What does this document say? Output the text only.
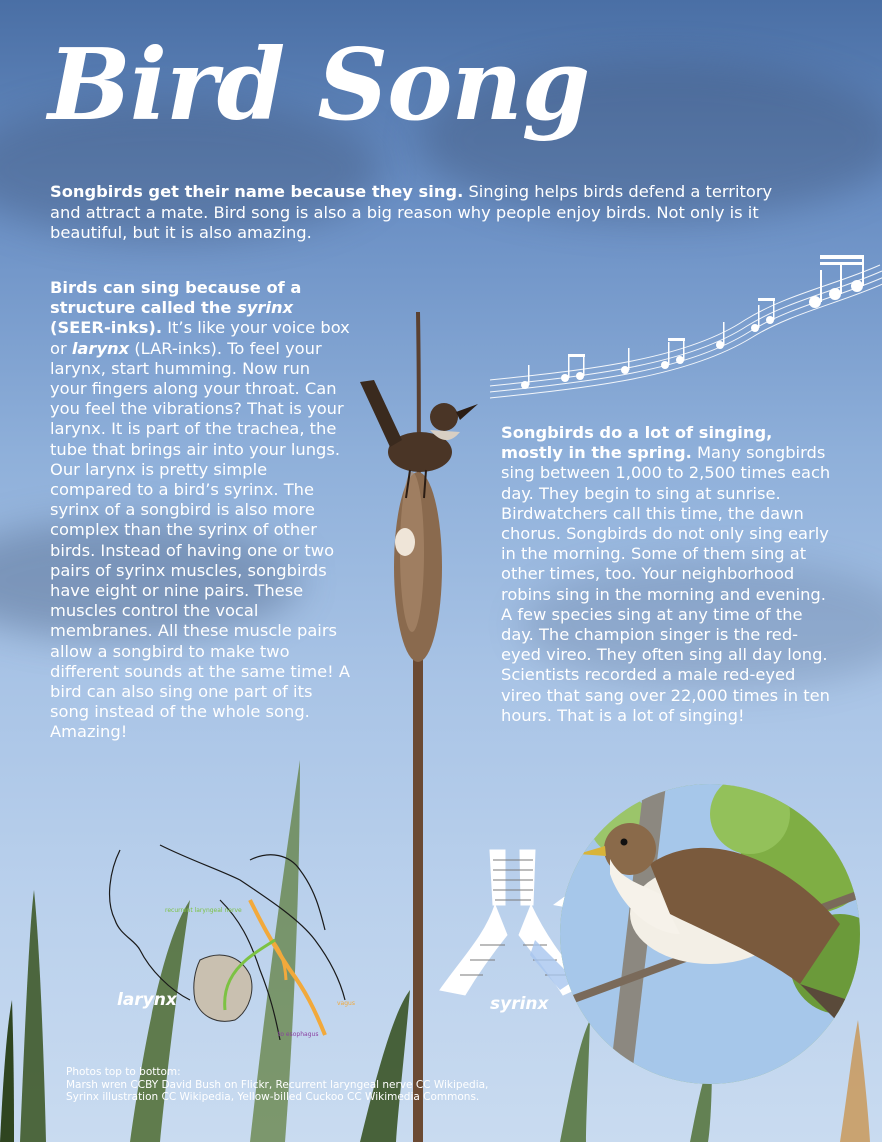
Bird Song

Songbirds get their name because they sing. Singing helps birds defend a territory and attract a mate. Bird song is also a big reason why people enjoy birds. Not only is it beautiful, but it is also amazing.

Birds can sing because of a structure called the syrinx (SEER-inks). It’s like your voice box or larynx (LAR-inks). To feel your larynx, start humming. Now run your fingers along your throat. Can you feel the vibrations? That is your larynx. It is part of the trachea, the tube that brings air into your lungs. Our larynx is pretty simple compared to a bird’s syrinx. The syrinx of a songbird is also more complex than the syrinx of other birds. Instead of having one or two pairs of syrinx muscles, songbirds have eight or nine pairs. These muscles control the vocal membranes. All these muscle pairs allow a songbird to make two different sounds at the same time! A bird can also sing one part of its song instead of the whole song. Amazing!

Songbirds do a lot of singing, mostly in the spring. Many songbirds sing between 1,000 to 2,500 times each day. They begin to sing at sunrise. Birdwatchers call this time, the dawn chorus. Songbirds do not only sing early in the morning. Some of them sing at other times, too. Your neighborhood robins sing in the morning and evening. A few species sing at any time of the day. The champion singer is the red-eyed vireo. They often sing all day long. Scientists recorded a male red-eyed vireo that sang over 22,000 times in ten hours. That is a lot of singing!

recurrent laryngeal nerve
vagus
to esophagus
larynx	syrinx
Photos top to bottom:
Marsh wren CCBY David Bush on Flickr, Recurrent laryngeal nerve CC Wikipedia,
Syrinx illustration CC Wikipedia, Yellow-billed Cuckoo CC Wikimedia Commons.
